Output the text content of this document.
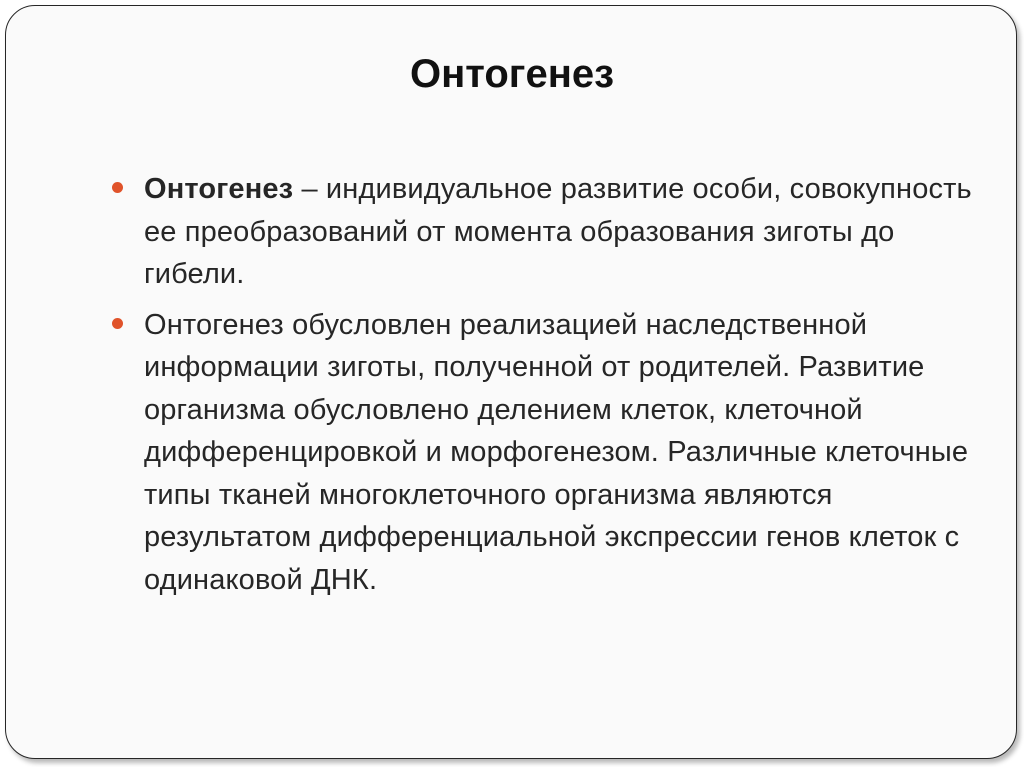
Онтогенез
Онтогенез – индивидуальное развитие особи, совокупность ее преобразований от момента образования зиготы до гибели.
Онтогенез обусловлен реализацией наследственной информации зиготы, полученной от родителей. Развитие организма обусловлено делением клеток, клеточной дифференцировкой и морфогенезом. Различные клеточные типы тканей многоклеточного организма являются результатом дифференциальной экспрессии генов клеток с одинаковой ДНК.
